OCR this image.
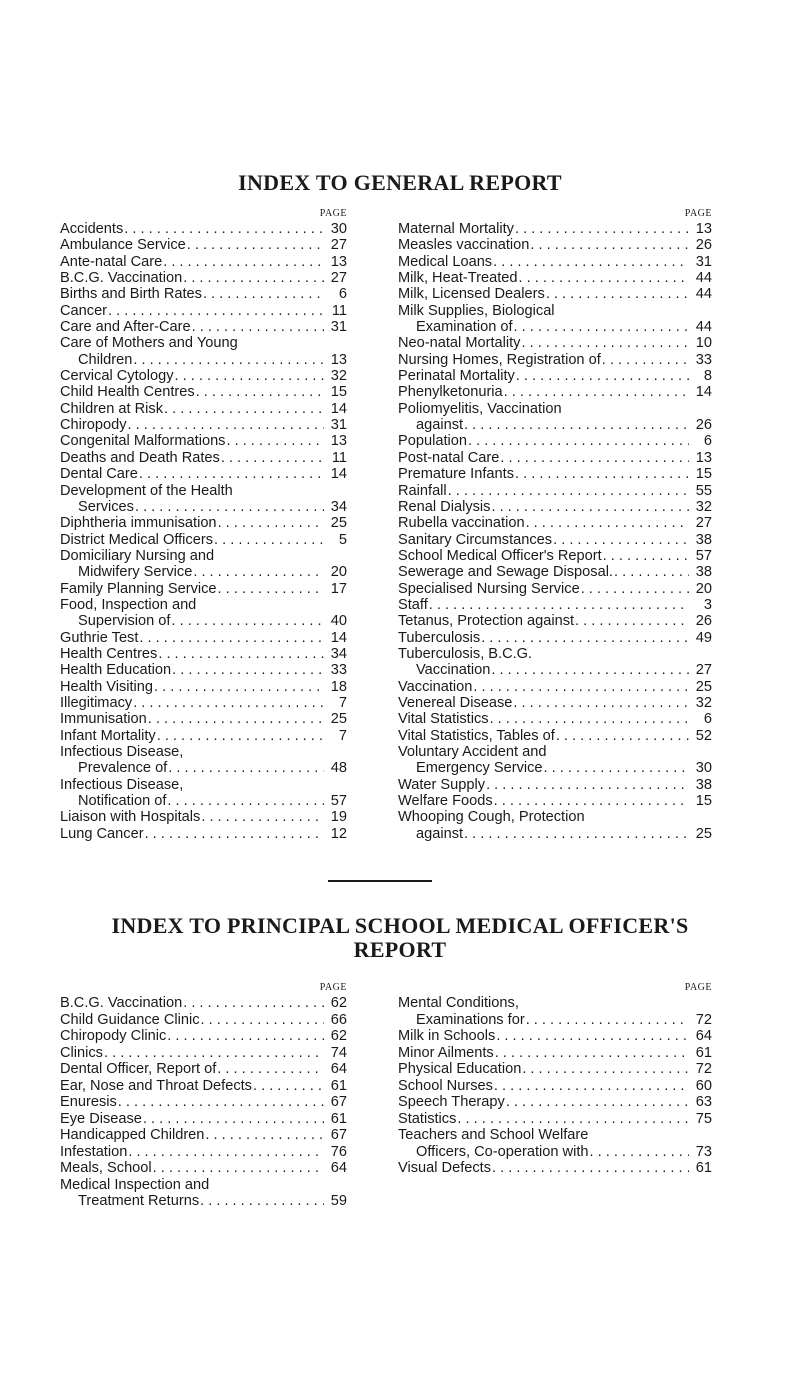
INDEX TO GENERAL REPORT
PAGE
Accidents . . .	30
Ambulance Service . . .	27
Ante-natal Care . . .	13
B.C.G. Vaccination . . .	27
Births and Birth Rates . . .	6
Cancer . . .	11
Care and After-Care . . .	31
Care of Mothers and Young
Children . . .	13
Cervical Cytology . . .	32
Child Health Centres . . .	15
Children at Risk . . .	14
Chiropody . . .	31
Congenital Malformations . . .	13
Deaths and Death Rates . . .	11
Dental Care . . .	14
Development of the Health
Services . . .	34
Diphtheria immunisation . . .	25
District Medical Officers . . .	5
Domiciliary Nursing and
Midwifery Service . . .	20
Family Planning Service . . .	17
Food, Inspection and
Supervision of . . .	40
Guthrie Test . . .	14
Health Centres . . .	34
Health Education . . .	33
Health Visiting . . .	18
Illegitimacy . . .	7
Immunisation . . .	25
Infant Mortality . . .	7
Infectious Disease,
Prevalence of . . .	48
Infectious Disease,
Notification of . . .	57
Liaison with Hospitals . . .	19
Lung Cancer . . .	12
PAGE
Maternal Mortality . . .	13
Measles vaccination . . .	26
Medical Loans . . .	31
Milk, Heat-Treated . . .	44
Milk, Licensed Dealers . . .	44
Milk Supplies, Biological
Examination of . . .	44
Neo-natal Mortality . . .	10
Nursing Homes, Registration of . . .	33
Perinatal Mortality . . .	8
Phenylketonuria . . .	14
Poliomyelitis, Vaccination
against . . .	26
Population . . .	6
Post-natal Care . . .	13
Premature Infants . . .	15
Rainfall . . .	55
Renal Dialysis . . .	32
Rubella vaccination . . .	27
Sanitary Circumstances . . .	38
School Medical Officer's Report . . .	57
Sewerage and Sewage Disposal. . . .	38
Specialised Nursing Service . . .	20
Staff . . .	3
Tetanus, Protection against . . .	26
Tuberculosis . . .	49
Tuberculosis, B.C.G.
Vaccination . . .	27
Vaccination . . .	25
Venereal Disease . . .	32
Vital Statistics . . .	6
Vital Statistics, Tables of . . .	52
Voluntary Accident and
Emergency Service . . .	30
Water Supply . . .	38
Welfare Foods . . .	15
Whooping Cough, Protection
against . . .	25
INDEX TO PRINCIPAL SCHOOL MEDICAL OFFICER'S
REPORT
PAGE
B.C.G. Vaccination . . .	62
Child Guidance Clinic . . .	66
Chiropody Clinic . . .	62
Clinics . . .	74
Dental Officer, Report of . . .	64
Ear, Nose and Throat Defects . . .	61
Enuresis . . .	67
Eye Disease . . .	61
Handicapped Children . . .	67
Infestation . . .	76
Meals, School . . .	64
Medical Inspection and
Treatment Returns . . .	59
PAGE
Mental Conditions,
Examinations for . . .	72
Milk in Schools . . .	64
Minor Ailments . . .	61
Physical Education . . .	72
School Nurses . . .	60
Speech Therapy . . .	63
Statistics . . .	75
Teachers and School Welfare
Officers, Co-operation with . . .	73
Visual Defects . . .	61
